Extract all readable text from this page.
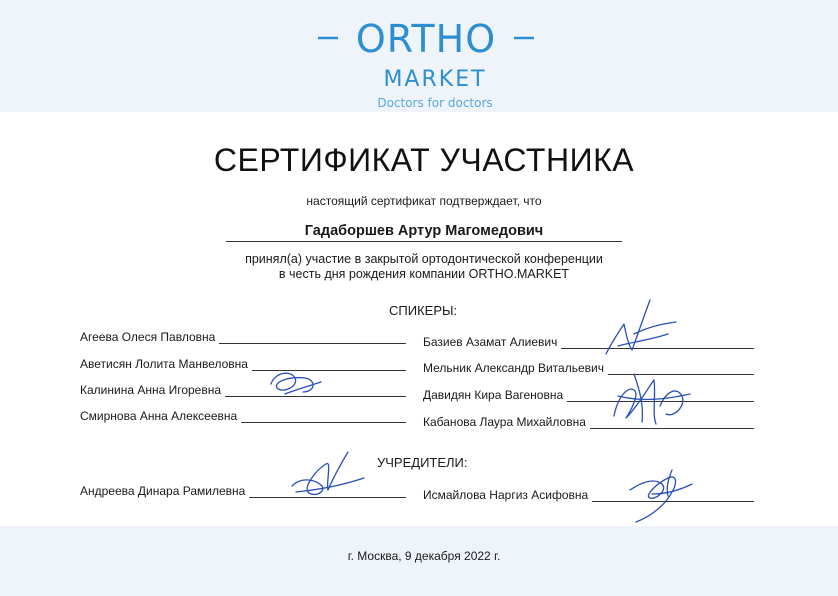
ORTHO
MARKET
Doctors for doctors
СЕРТИФИКАТ УЧАСТНИКА
настоящий сертификат подтверждает, что
Гадаборшев Артур Магомедович
принял(а) участие в закрытой ортодонтической конференции
в честь дня рождения компании ORTHO.MARKET
СПИКЕРЫ:
Агеева Олеся Павловна
Аветисян Лолита Манвеловна
Калинина Анна Игоревна
Смирнова Анна Алексеевна
Базиев Азамат Алиевич
Мельник Александр Витальевич
Давидян Кира Вагеновна
Кабанова Лаура Михайловна
УЧРЕДИТЕЛИ:
Андреева Динара Рамилевна	Исмайлова Наргиз Асифовна
г. Москва, 9 декабря 2022 г.
